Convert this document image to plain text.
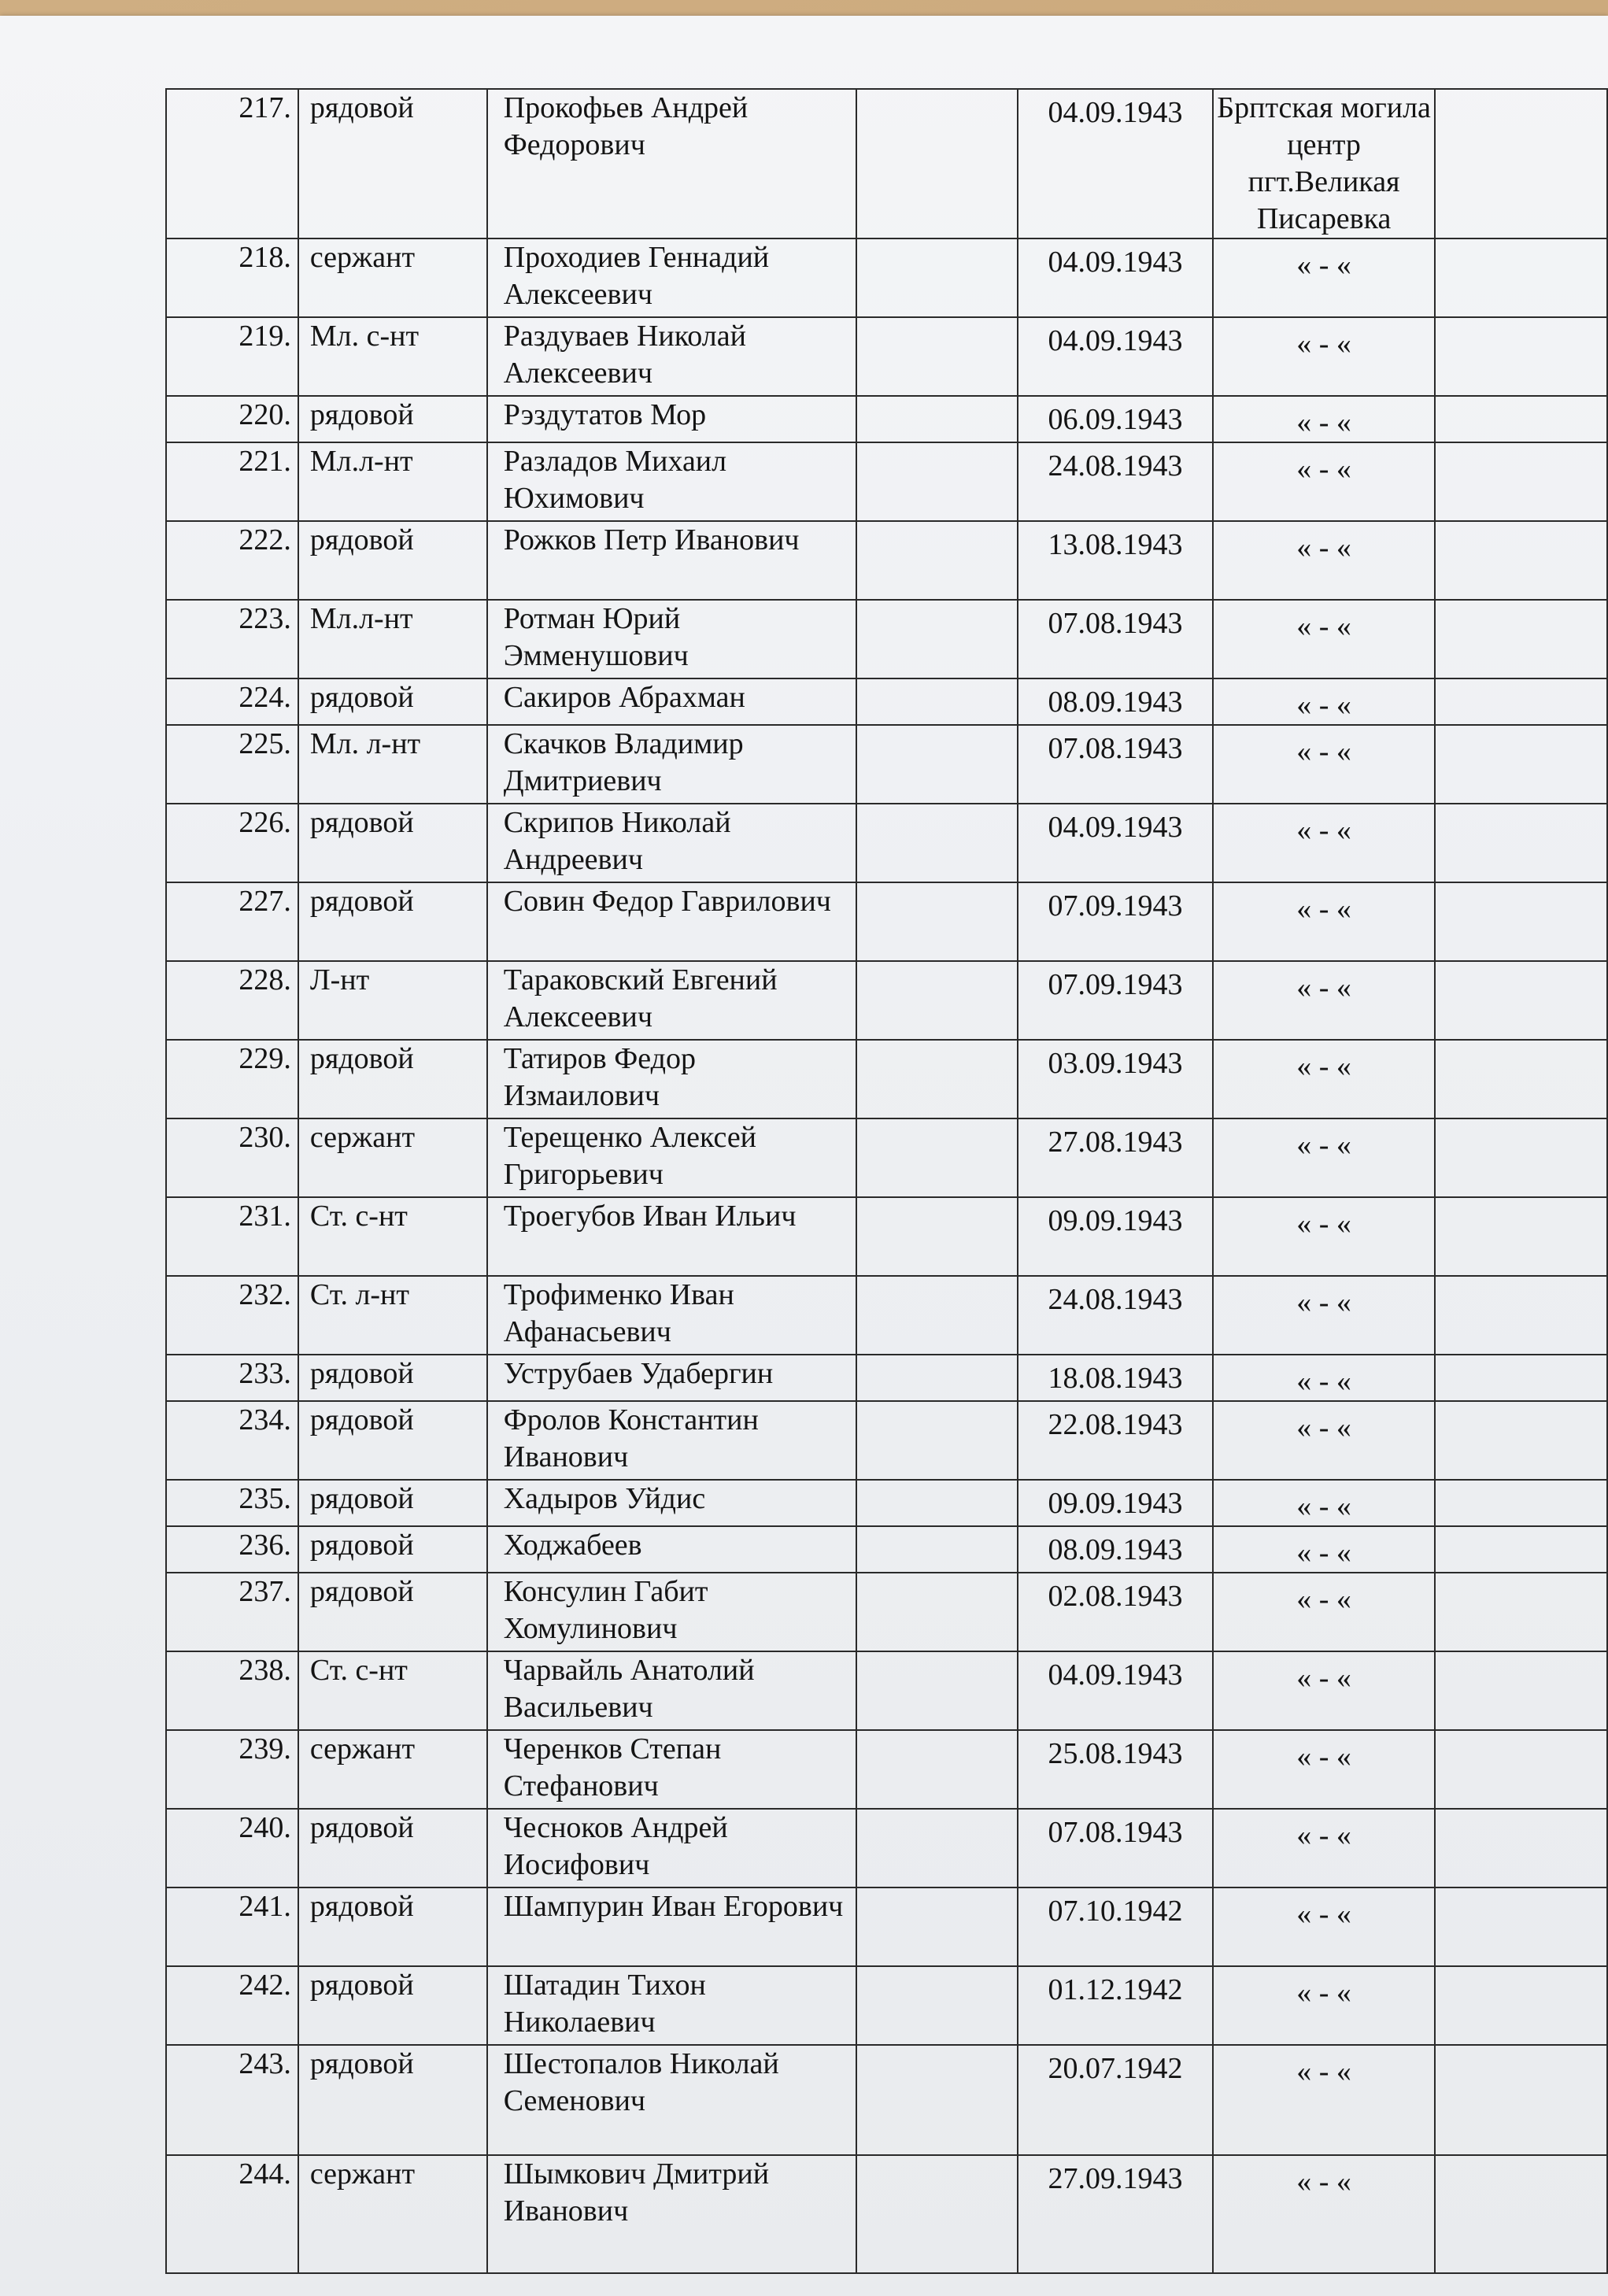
217.	рядовой	Прокофьев Андрей Федорович		04.09.1943	Брптская могила центр пгт.Великая Писаревка	
218.	сержант	Проходиев Геннадий Алексеевич		04.09.1943	« - «	
219.	Мл. с-нт	Раздуваев Николай Алексеевич		04.09.1943	« - «	
220.	рядовой	Рэздутатов Мор		06.09.1943	« - «	
221.	Мл.л-нт	Разладов Михаил Юхимович		24.08.1943	« - «	
222.	рядовой	Рожков Петр Иванович		13.08.1943	« - «	
223.	Мл.л-нт	Ротман Юрий Эмменушович		07.08.1943	« - «	
224.	рядовой	Сакиров Абрахман		08.09.1943	« - «	
225.	Мл. л-нт	Скачков Владимир Дмитриевич		07.08.1943	« - «	
226.	рядовой	Скрипов Николай Андреевич		04.09.1943	« - «	
227.	рядовой	Совин Федор Гаврилович		07.09.1943	« - «	
228.	Л-нт	Тараковский Евгений Алексеевич		07.09.1943	« - «	
229.	рядовой	Татиров Федор Измаилович		03.09.1943	« - «	
230.	сержант	Терещенко Алексей Григорьевич		27.08.1943	« - «	
231.	Ст. с-нт	Троегубов Иван Ильич		09.09.1943	« - «	
232.	Ст. л-нт	Трофименко Иван Афанасьевич		24.08.1943	« - «	
233.	рядовой	Уструбаев Удабергин		18.08.1943	« - «	
234.	рядовой	Фролов Константин Иванович		22.08.1943	« - «	
235.	рядовой	Хадыров Уйдис		09.09.1943	« - «	
236.	рядовой	Ходжабеев		08.09.1943	« - «	
237.	рядовой	Консулин Габит Хомулинович		02.08.1943	« - «	
238.	Ст. с-нт	Чарвайль Анатолий Васильевич		04.09.1943	« - «	
239.	сержант	Черенков Степан Стефанович		25.08.1943	« - «	
240.	рядовой	Чесноков Андрей Иосифович		07.08.1943	« - «	
241.	рядовой	Шампурин Иван Егорович		07.10.1942	« - «	
242.	рядовой	Шатадин Тихон Николаевич		01.12.1942	« - «	
243.	рядовой	Шестопалов Николай Семенович		20.07.1942	« - «	
244.	сержант	Шымкович Дмитрий Иванович		27.09.1943	« - «	
